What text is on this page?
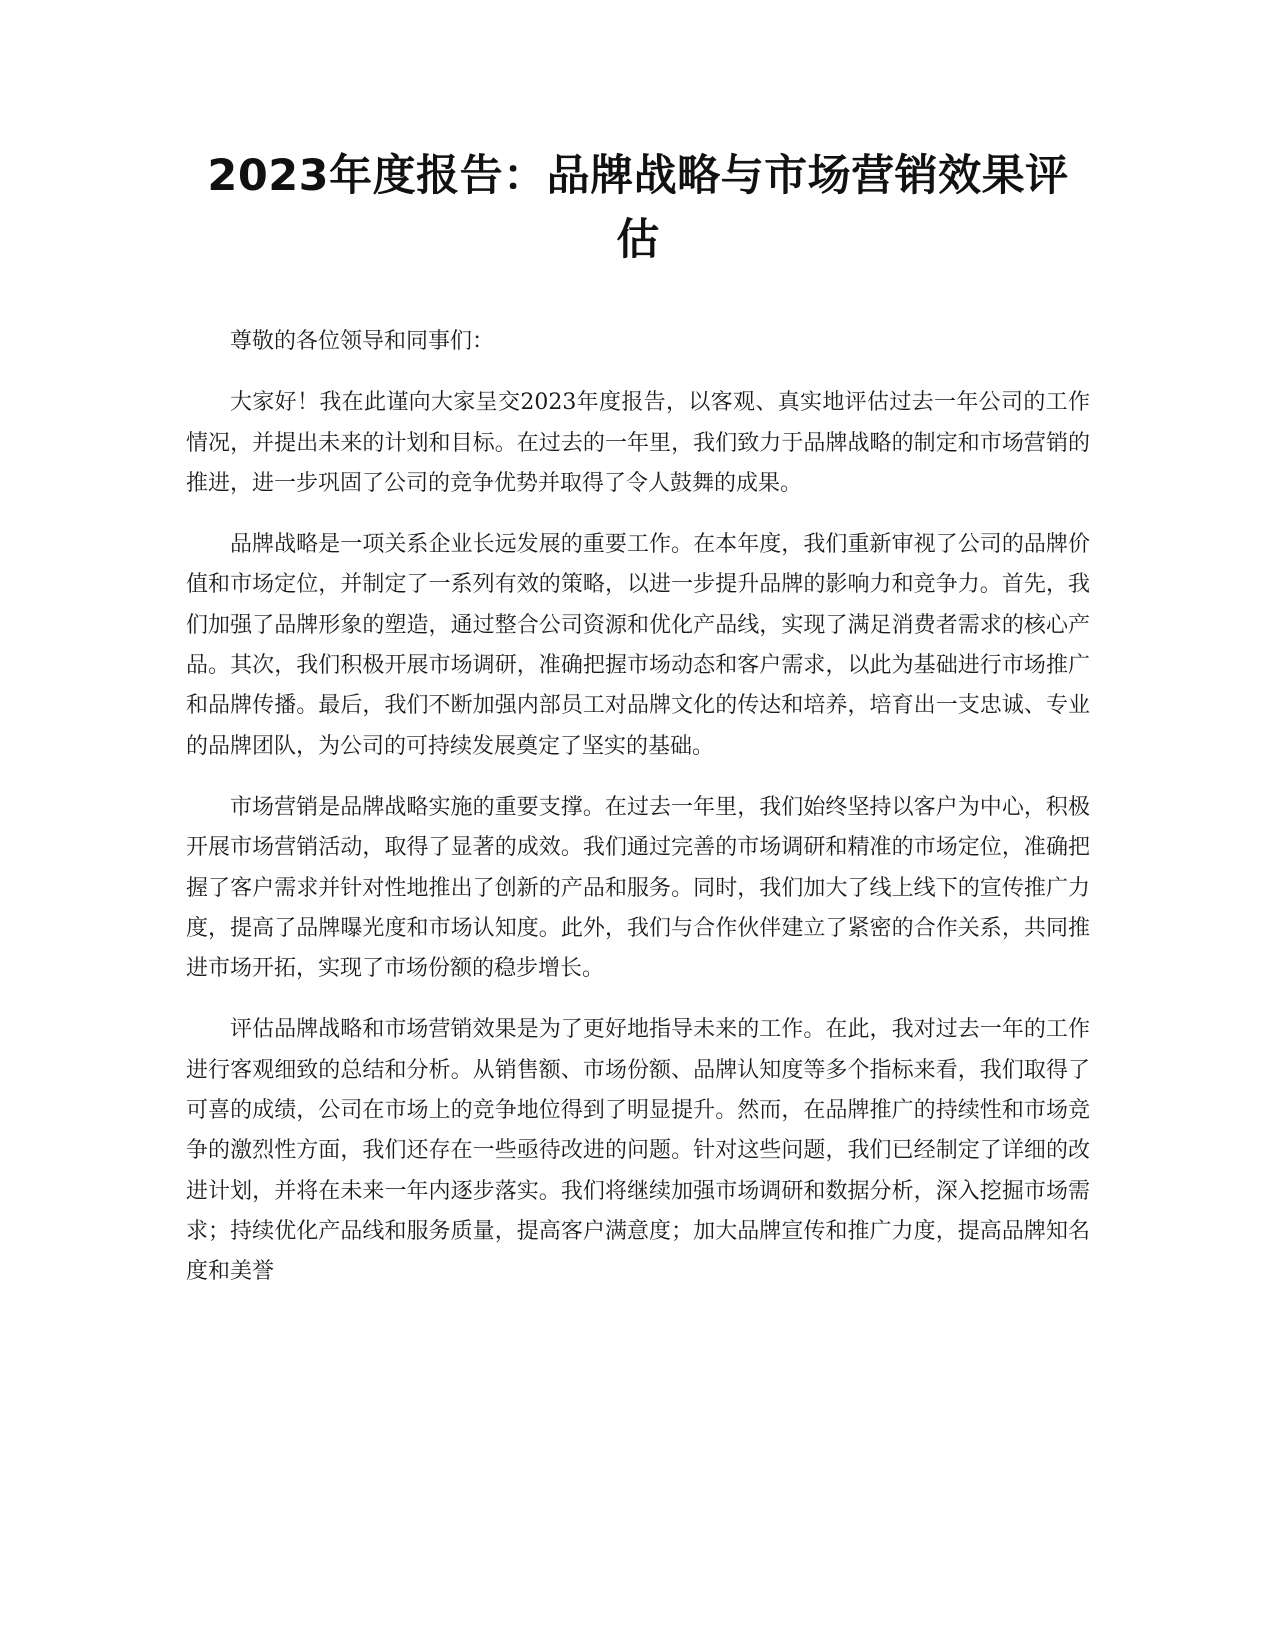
2023年度报告：品牌战略与市场营销效果评估

尊敬的各位领导和同事们：

大家好！我在此谨向大家呈交2023年度报告，以客观、真实地评估过去一年公司的工作情况，并提出未来的计划和目标。在过去的一年里，我们致力于品牌战略的制定和市场营销的推进，进一步巩固了公司的竞争优势并取得了令人鼓舞的成果。

品牌战略是一项关系企业长远发展的重要工作。在本年度，我们重新审视了公司的品牌价值和市场定位，并制定了一系列有效的策略，以进一步提升品牌的影响力和竞争力。首先，我们加强了品牌形象的塑造，通过整合公司资源和优化产品线，实现了满足消费者需求的核心产品。其次，我们积极开展市场调研，准确把握市场动态和客户需求，以此为基础进行市场推广和品牌传播。最后，我们不断加强内部员工对品牌文化的传达和培养，培育出一支忠诚、专业的品牌团队，为公司的可持续发展奠定了坚实的基础。

市场营销是品牌战略实施的重要支撑。在过去一年里，我们始终坚持以客户为中心，积极开展市场营销活动，取得了显著的成效。我们通过完善的市场调研和精准的市场定位，准确把握了客户需求并针对性地推出了创新的产品和服务。同时，我们加大了线上线下的宣传推广力度，提高了品牌曝光度和市场认知度。此外，我们与合作伙伴建立了紧密的合作关系，共同推进市场开拓，实现了市场份额的稳步增长。

评估品牌战略和市场营销效果是为了更好地指导未来的工作。在此，我对过去一年的工作进行客观细致的总结和分析。从销售额、市场份额、品牌认知度等多个指标来看，我们取得了可喜的成绩，公司在市场上的竞争地位得到了明显提升。然而，在品牌推广的持续性和市场竞争的激烈性方面，我们还存在一些亟待改进的问题。针对这些问题，我们已经制定了详细的改进计划，并将在未来一年内逐步落实。我们将继续加强市场调研和数据分析，深入挖掘市场需求；持续优化产品线和服务质量，提高客户满意度；加大品牌宣传和推广力度，提高品牌知名度和美誉
